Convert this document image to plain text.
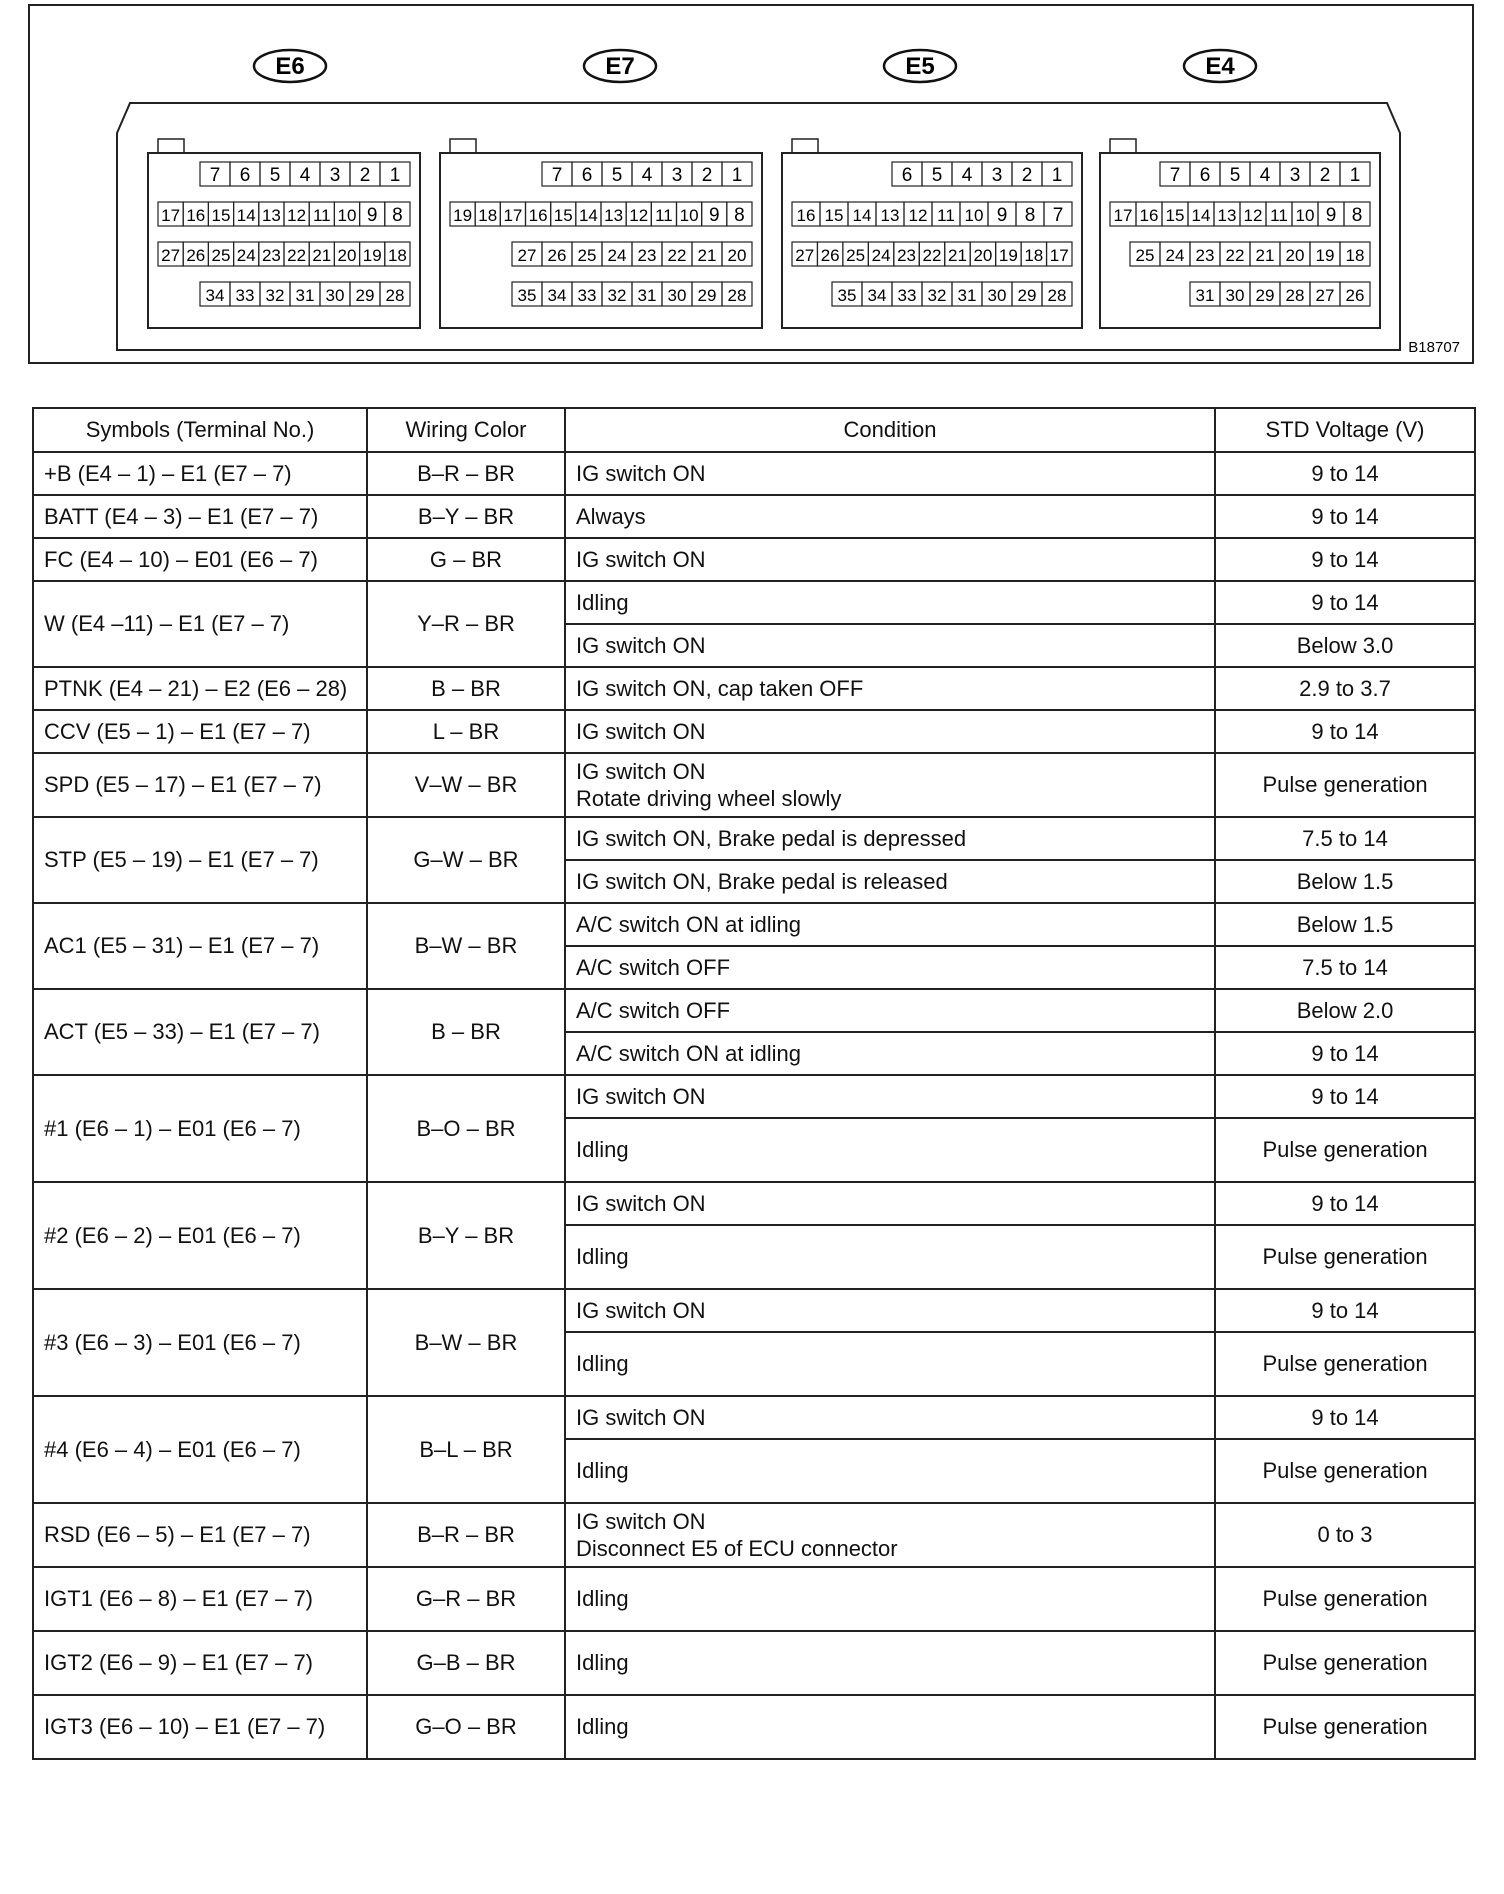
E6
7 6 5 4 3 2 1
17 16 15 14 13 12 11 10 9 8
27 26 25 24 23 22 21 20 19 18
34 33 32 31 30 29 28
E7
7 6 5 4 3 2 1
19 18 17 16 15 14 13 12 11 10 9 8
27 26 25 24 23 22 21 20
35 34 33 32 31 30 29 28
E5
6 5 4 3 2 1
16 15 14 13 12 11 10 9 8 7
27 26 25 24 23 22 21 20 19 18 17
35 34 33 32 31 30 29 28
E4
7 6 5 4 3 2 1
17 16 15 14 13 12 11 10 9 8
25 24 23 22 21 20 19 18
31 30 29 28 27 26
B18707
Symbols (Terminal No.)	Wiring Color	Condition	STD Voltage (V)
+B (E4 – 1) – E1 (E7 – 7)	B–R – BR	IG switch ON	9 to 14
BATT (E4 – 3) – E1 (E7 – 7)	B–Y – BR	Always	9 to 14
FC (E4 – 10) – E01 (E6 – 7)	G – BR	IG switch ON	9 to 14
W (E4 –11) – E1 (E7 – 7)	Y–R – BR	Idling	9 to 14

		IG switch ON	Below 3.0
PTNK (E4 – 21) – E2 (E6 – 28)	B – BR	IG switch ON, cap taken OFF	2.9 to 3.7
CCV (E5 – 1) – E1 (E7 – 7)	L – BR	IG switch ON	9 to 14
SPD (E5 – 17) – E1 (E7 – 7)	V–W – BR	IG switch ON
Rotate driving wheel slowly	Pulse generation
STP (E5 – 19) – E1 (E7 – 7)	G–W – BR	IG switch ON, Brake pedal is depressed	7.5 to 14

		IG switch ON, Brake pedal is released	Below 1.5
AC1 (E5 – 31) – E1 (E7 – 7)	B–W – BR	A/C switch ON at idling	Below 1.5

		A/C switch OFF	7.5 to 14
ACT (E5 – 33) – E1 (E7 – 7)	B – BR	A/C switch OFF	Below 2.0

		A/C switch ON at idling	9 to 14
#1 (E6 – 1) – E01 (E6 – 7)	B–O – BR	IG switch ON	9 to 14

		Idling	Pulse generation
#2 (E6 – 2) – E01 (E6 – 7)	B–Y – BR	IG switch ON	9 to 14

		Idling	Pulse generation
#3 (E6 – 3) – E01 (E6 – 7)	B–W – BR	IG switch ON	9 to 14

		Idling	Pulse generation
#4 (E6 – 4) – E01 (E6 – 7)	B–L – BR	IG switch ON	9 to 14

		Idling	Pulse generation
RSD (E6 – 5) – E1 (E7 – 7)	B–R – BR	IG switch ON
Disconnect E5 of ECU connector	0 to 3
IGT1 (E6 – 8) – E1 (E7 – 7)	G–R – BR	Idling	Pulse generation
IGT2 (E6 – 9) – E1 (E7 – 7)	G–B – BR	Idling	Pulse generation
IGT3 (E6 – 10) – E1 (E7 – 7)	G–O – BR	Idling	Pulse generation
